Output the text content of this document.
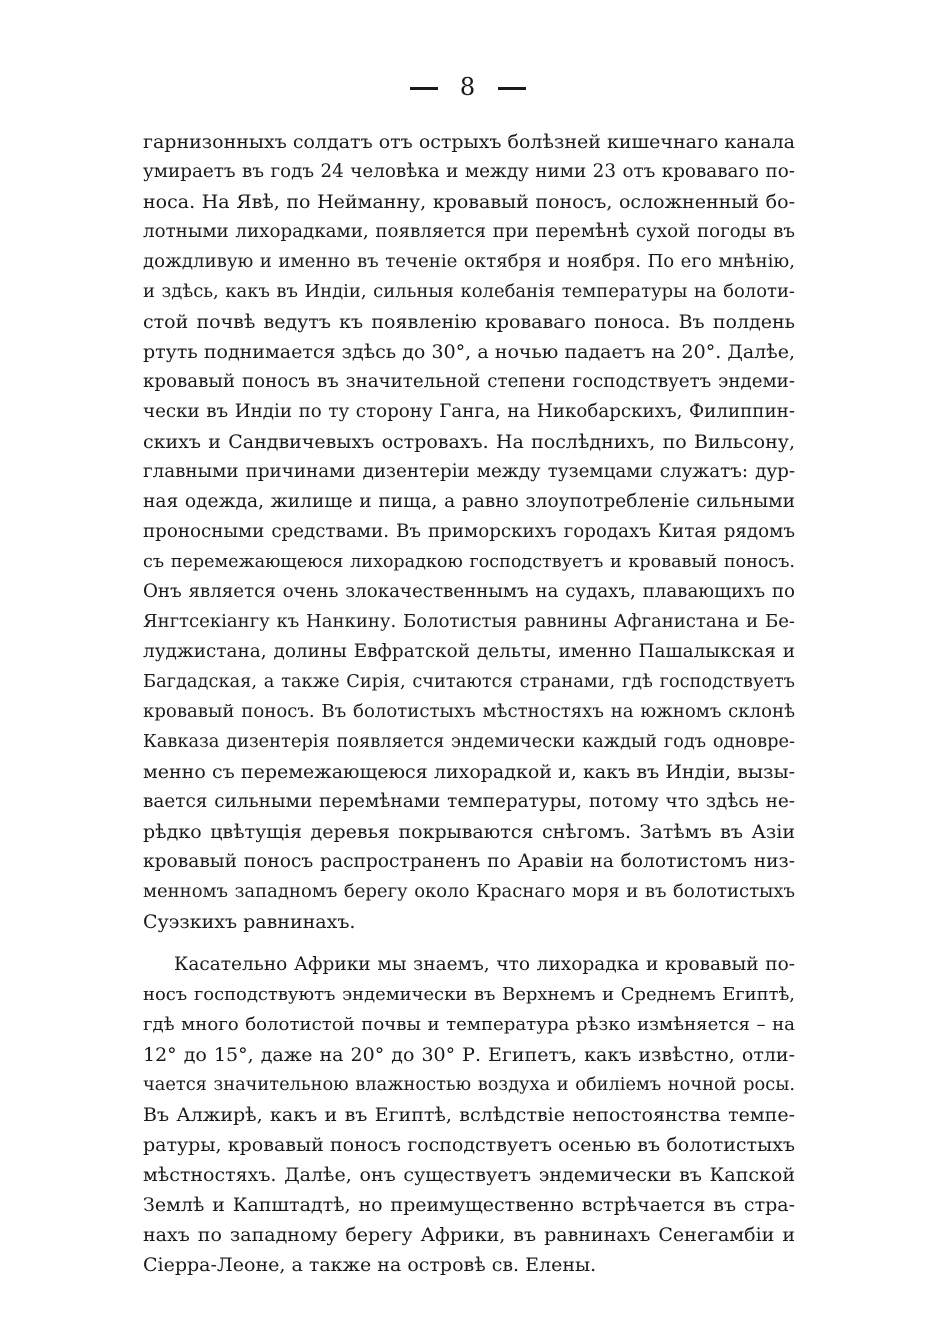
8
гарнизонныхъ солдатъ отъ острыхъ болѣзней кишечнаго канала
умираетъ въ годъ 24 человѣка и между ними 23 отъ кроваваго по-
носа. На Явѣ, по Нейманну, кровавый поносъ, осложненный бо-
лотными лихорадками, появляется при перемѣнѣ сухой погоды въ
дождливую и именно въ теченіе октября и ноября. По его мнѣнію,
и здѣсь, какъ въ Индіи, сильныя колебанія температуры на болоти-
стой почвѣ ведутъ къ появленію кроваваго поноса. Въ полдень
ртуть поднимается здѣсь до 30°, а ночью падаетъ на 20°. Далѣе,
кровавый поносъ въ значительной степени господствуетъ эндеми-
чески въ Индіи по ту сторону Ганга, на Никобарскихъ, Филиппин-
скихъ и Сандвичевыхъ островахъ. На послѣднихъ, по Вильсону,
главными причинами дизентеріи между туземцами служатъ: дур-
ная одежда, жилище и пища, а равно злоупотребленіе сильными
проносными средствами. Въ приморскихъ городахъ Китая рядомъ
съ перемежающеюся лихорадкою господствуетъ и кровавый поносъ.
Онъ является очень злокачественнымъ на судахъ, плавающихъ по
Янгтсекіангу къ Нанкину. Болотистыя равнины Афганистана и Бе-
луджистана, долины Евфратской дельты, именно Пашалыкская и
Багдадская, а также Сирія, считаются странами, гдѣ господствуетъ
кровавый поносъ. Въ болотистыхъ мѣстностяхъ на южномъ склонѣ
Кавказа дизентерія появляется эндемически каждый годъ одновре-
менно съ перемежающеюся лихорадкой и, какъ въ Индіи, вызы-
вается сильными перемѣнами температуры, потому что здѣсь не-
рѣдко цвѣтущія деревья покрываются снѣгомъ. Затѣмъ въ Азіи
кровавый поносъ распространенъ по Аравіи на болотистомъ низ-
менномъ западномъ берегу около Краснаго моря и въ болотистыхъ
Суэзкихъ равнинахъ.
Касательно Африки мы знаемъ, что лихорадка и кровавый по-
носъ господствуютъ эндемически въ Верхнемъ и Среднемъ Египтѣ,
гдѣ много болотистой почвы и температура рѣзко измѣняется – на
12° до 15°, даже на 20° до 30° Р. Египетъ, какъ извѣстно, отли-
чается значительною влажностью воздуха и обиліемъ ночной росы.
Въ Алжирѣ, какъ и въ Египтѣ, вслѣдствіе непостоянства темпе-
ратуры, кровавый поносъ господствуетъ осенью въ болотистыхъ
мѣстностяхъ. Далѣе, онъ существуетъ эндемически въ Капской
Землѣ и Капштадтѣ, но преимущественно встрѣчается въ стра-
нахъ по западному берегу Африки, въ равнинахъ Сенегамбіи и
Сіерра-Леоне, а также на островѣ св. Елены.
